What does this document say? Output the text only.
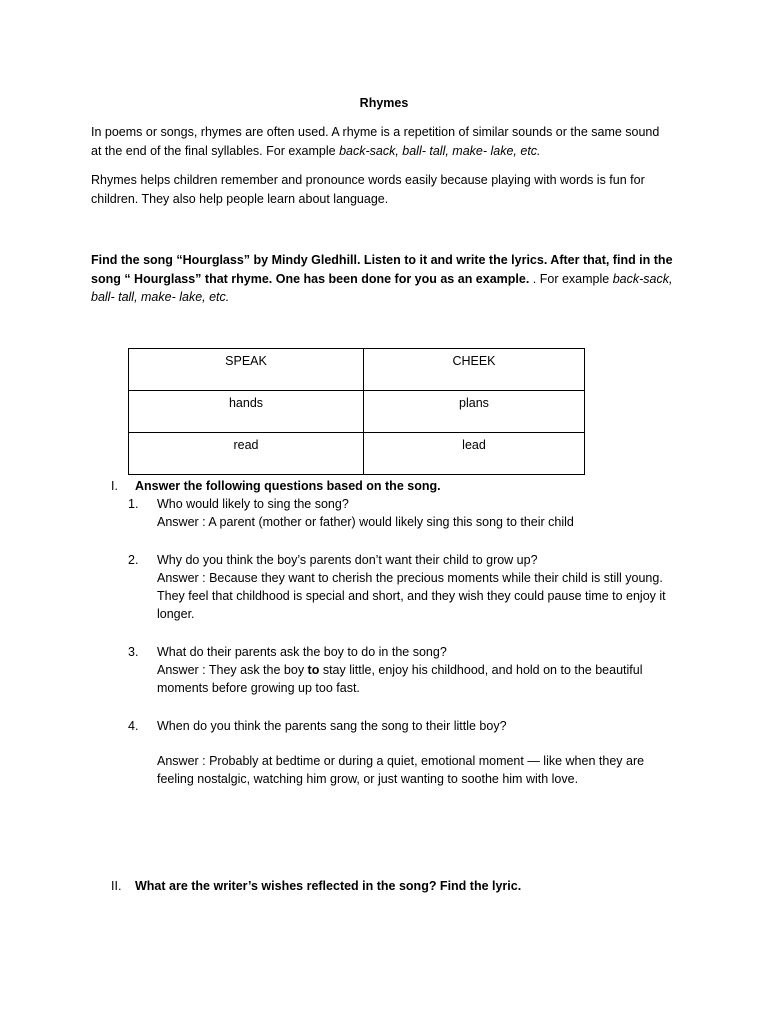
Rhymes
In poems or songs, rhymes are often used. A rhyme is a repetition of similar sounds or the same sound
at the end of the final syllables. For example back-sack, ball- tall, make- lake, etc.
Rhymes helps children remember and pronounce words easily because playing with words is fun for
children. They also help people learn about language.
Find the song “Hourglass” by Mindy Gledhill. Listen to it and write the lyrics. After that, find in the
song “ Hourglass” that rhyme. One has been done for you as an example. . For example back-sack,
ball- tall, make- lake, etc.
SPEAK	CHEEK

hands	plans

read	lead
I. Answer the following questions based on the song.
1. Who would likely to sing the song?
Answer : A parent (mother or father) would likely sing this song to their child
2. Why do you think the boy’s parents don’t want their child to grow up?
Answer : Because they want to cherish the precious moments while their child is still young.
They feel that childhood is special and short, and they wish they could pause time to enjoy it
longer.
3. What do their parents ask the boy to do in the song?
Answer : They ask the boy to stay little, enjoy his childhood, and hold on to the beautiful
moments before growing up too fast.
4. When do you think the parents sang the song to their little boy?
Answer : Probably at bedtime or during a quiet, emotional moment — like when they are
feeling nostalgic, watching him grow, or just wanting to soothe him with love.
II. What are the writer’s wishes reflected in the song? Find the lyric.
